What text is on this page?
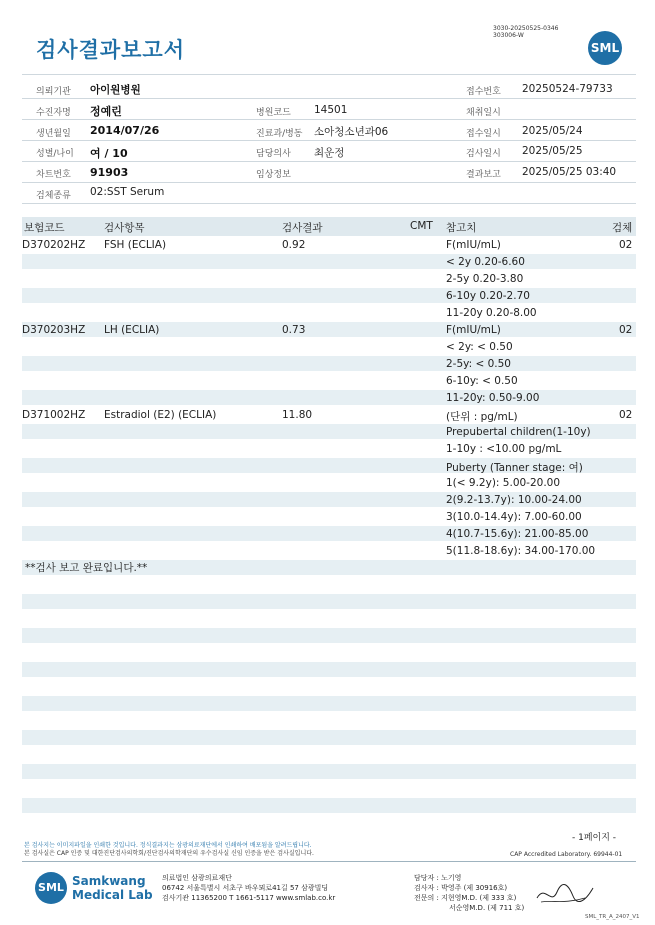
검사결과보고서
3030-20250525-0346
303006-W
SML
의뢰기관 아이원병원	접수번호 20250524-79733
수진자명 정예린	병원코드 14501	채취일시
생년월일 2014/07/26	진료과/병동 소아청소년과06	접수일시 2025/05/24
성별/나이 여 / 10	담당의사 최운정	검사일시 2025/05/25
차트번호 91903	임상정보	결과보고 2025/05/25 03:40
검체종류 02:SST Serum
보험코드	검사항목	검사결과	CMT 참고치	검체
D370202HZ FSH (ECLIA)	0.92	F(mIU/mL)	02
< 2y 0.20-6.60
2-5y 0.20-3.80
6-10y 0.20-2.70
11-20y 0.20-8.00
D370203HZ LH (ECLIA)	0.73	F(mIU/mL)	02
< 2y: < 0.50
2-5y: < 0.50
6-10y: < 0.50
11-20y: 0.50-9.00
D371002HZ Estradiol (E2) (ECLIA)	11.80	(단위 : pg/mL)	02
Prepubertal children(1-10y)
1-10y : <10.00 pg/mL
Puberty (Tanner stage: 여)
1(< 9.2y): 5.00-20.00
2(9.2-13.7y): 10.00-24.00
3(10.0-14.4y): 7.00-60.00
4(10.7-15.6y): 21.00-85.00
5(11.8-18.6y): 34.00-170.00
**검사 보고 완료입니다.**
- 1페이지 -
본 검사지는 이미지파일을 인쇄한 것입니다. 정식결과지는 삼광의료재단에서 인쇄하여 배포됨을 알려드립니다.
본 검사실은 CAP 인증 및 대한진단검사의학회/진단검사의학재단의 우수검사실 신임 인증을 받은 검사실입니다.	CAP Accredited Laboratory. 69944-01
SML Samkwang
Medical Lab
의료법인 삼광의료재단
06742 서울특별시 서초구 바우뫼로41길 57 삼광빌딩
검사기관 11365200 T 1661-5117 www.smlab.co.kr
담당자 : 노기영
검사자 : 박영주 (제 30916호)
전문의 : 지현영M.D. (제 333 호)
서순영M.D. (제 711 호)
SML_TR_A_2407_V1
